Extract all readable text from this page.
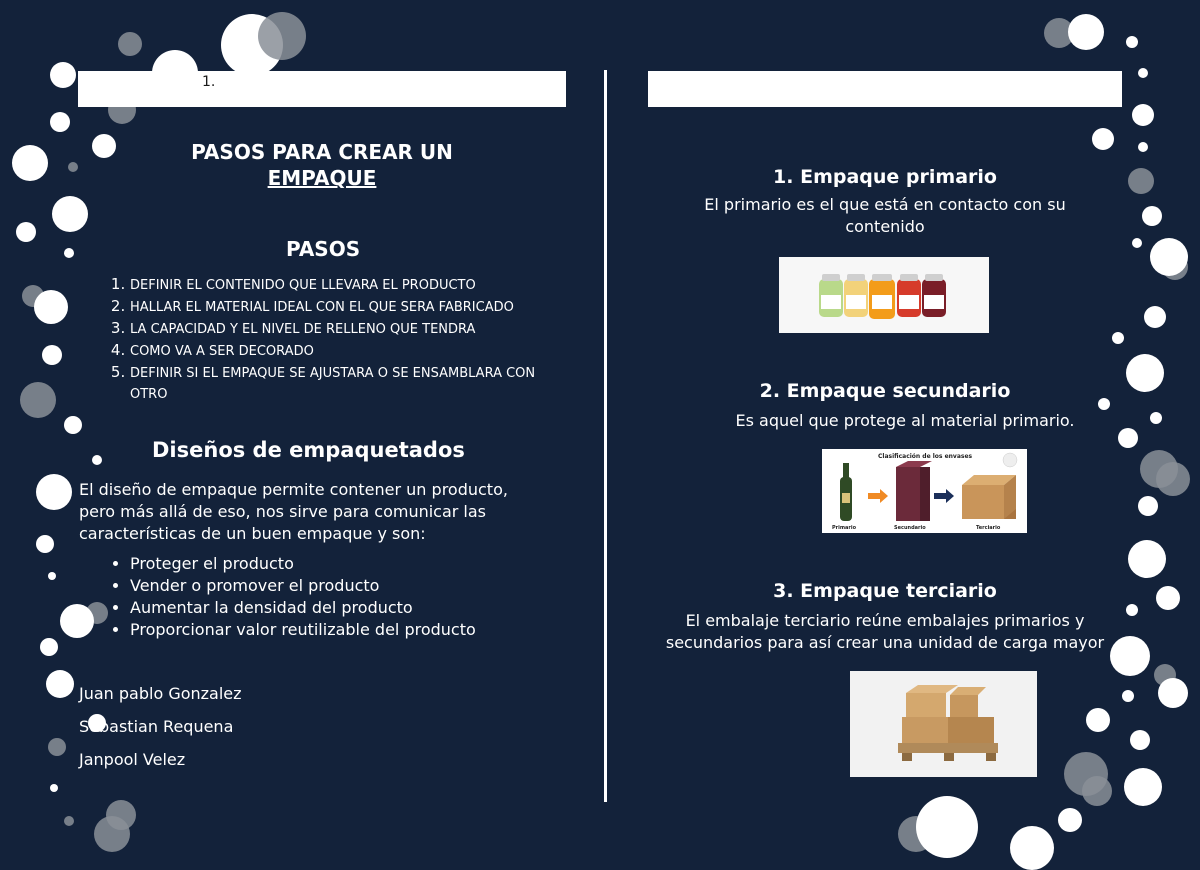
1.
PASOS PARA CREAR UN
EMPAQUE
PASOS
1. DEFINIR EL CONTENIDO QUE LLEVARA EL PRODUCTO
2. HALLAR EL MATERIAL IDEAL CON EL QUE SERA FABRICADO
3. LA CAPACIDAD Y EL NIVEL DE RELLENO QUE TENDRA
4. COMO VA A SER DECORADO
5. DEFINIR SI EL EMPAQUE SE AJUSTARA O SE ENSAMBLARA CON OTRO
Diseños de empaquetados
El diseño de empaque permite contener un producto,
pero más allá de eso, nos sirve para comunicar las
características de un buen empaque y son:
• Proteger el producto
• Vender o promover el producto
• Aumentar la densidad del producto
• Proporcionar valor reutilizable del producto
Juan pablo Gonzalez
Sebastian Requena
Janpool Velez
1. Empaque primario
El primario es el que está en contacto con su
contenido
2. Empaque secundario
Es aquel que protege al material primario.
Clasificación de los envases
Primario	Secundario	Terciario
3. Empaque terciario
El embalaje terciario reúne embalajes primarios y
secundarios para así crear una unidad de carga mayor
